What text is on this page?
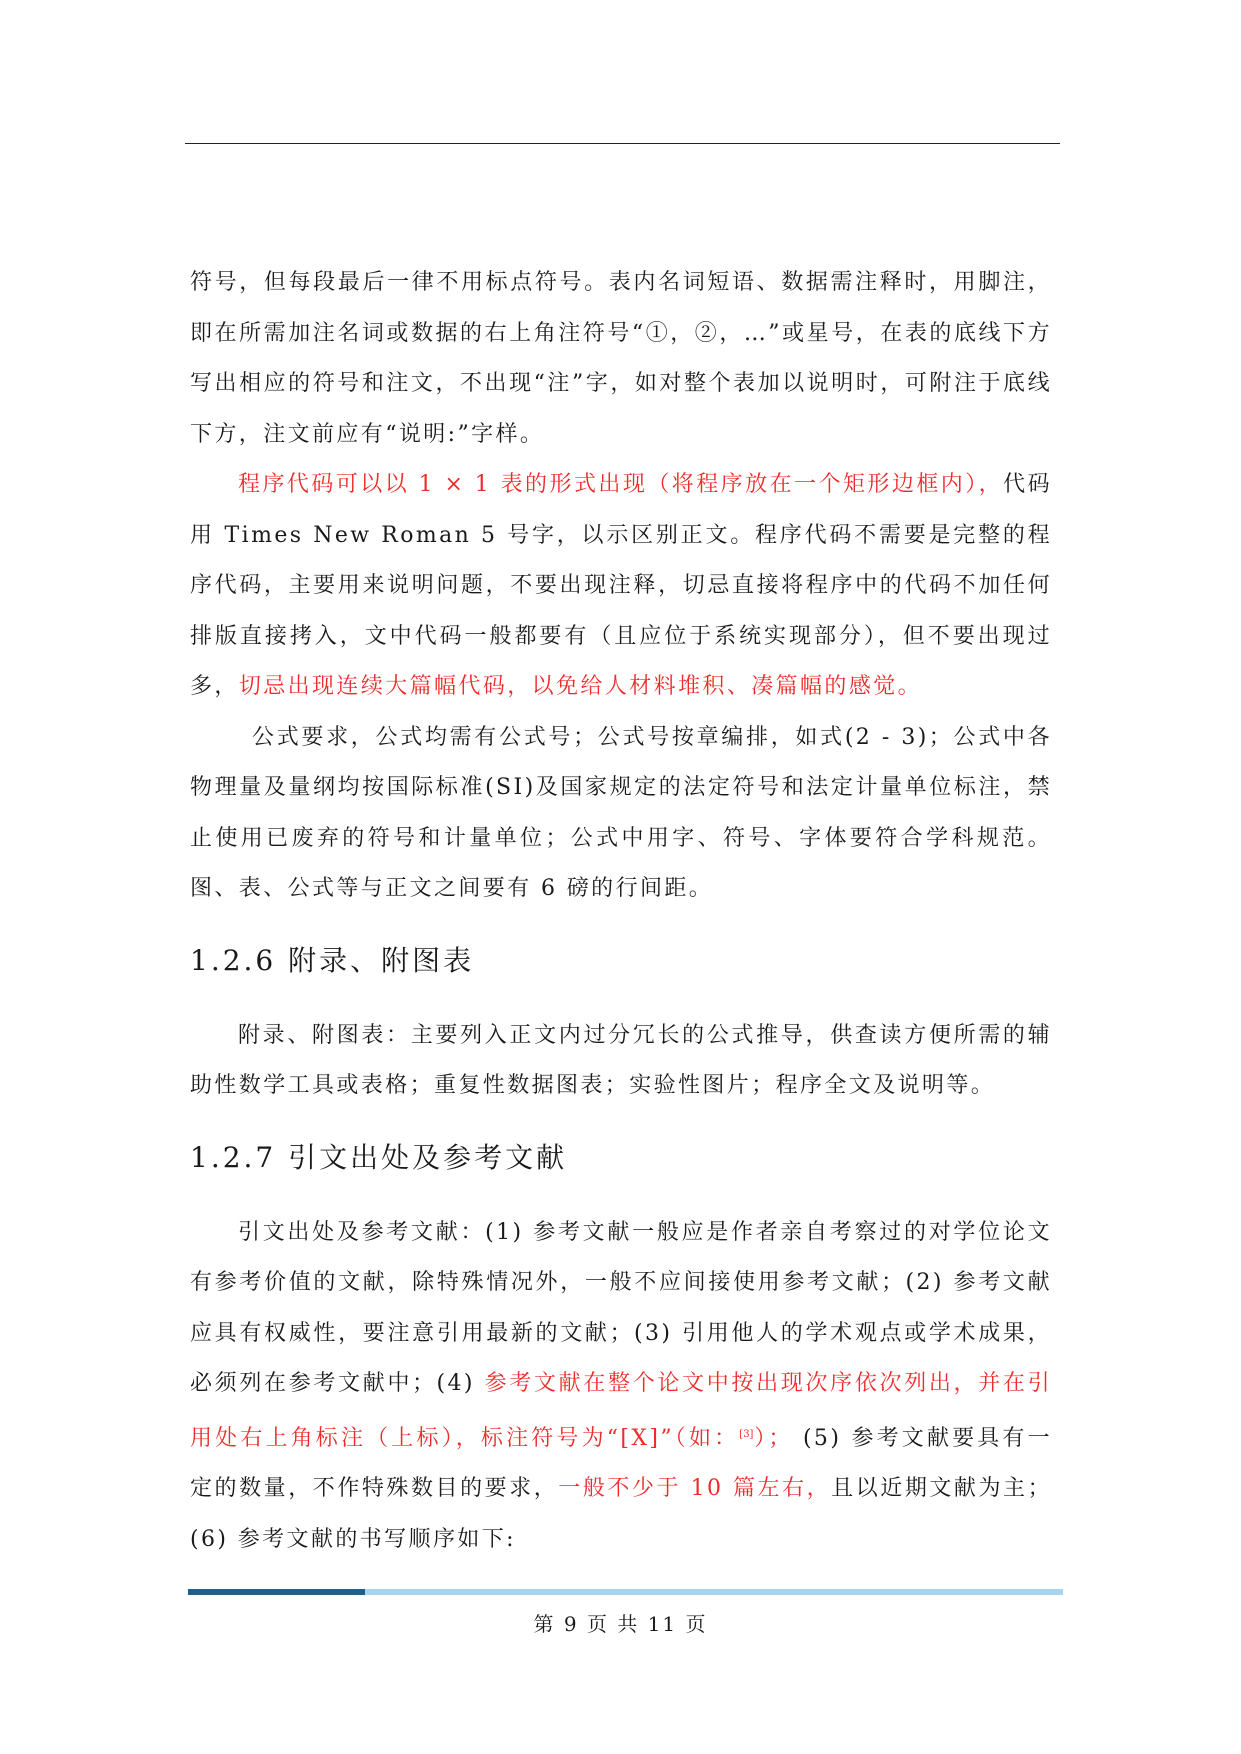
符号，但每段最后一律不用标点符号。表内名词短语、数据需注释时，用脚注，即在所需加注名词或数据的右上角注符号“①，②，…”或星号，在表的底线下方写出相应的符号和注文，不出现“注”字，如对整个表加以说明时，可附注于底线下方，注文前应有“说明:”字样。

程序代码可以以 1 × 1 表的形式出现（将程序放在一个矩形边框内），代码用 Times New Roman 5 号字，以示区别正文。程序代码不需要是完整的程序代码，主要用来说明问题，不要出现注释，切忌直接将程序中的代码不加任何排版直接拷入，文中代码一般都要有（且应位于系统实现部分），但不要出现过多，切忌出现连续大篇幅代码，以免给人材料堆积、凑篇幅的感觉。

公式要求，公式均需有公式号；公式号按章编排，如式(2 - 3)；公式中各物理量及量纲均按国际标准(SI)及国家规定的法定符号和法定计量单位标注，禁止使用已废弃的符号和计量单位；公式中用字、符号、字体要符合学科规范。图、表、公式等与正文之间要有 6 磅的行间距。

1.2.6 附录、附图表

附录、附图表：主要列入正文内过分冗长的公式推导，供查读方便所需的辅助性数学工具或表格；重复性数据图表；实验性图片；程序全文及说明等。

1.2.7 引文出处及参考文献

引文出处及参考文献：(1) 参考文献一般应是作者亲自考察过的对学位论文有参考价值的文献，除特殊情况外，一般不应间接使用参考文献；(2) 参考文献应具有权威性，要注意引用最新的文献；(3) 引用他人的学术观点或学术成果，必须列在参考文献中；(4) 参考文献在整个论文中按出现次序依次列出，并在引用处右上角标注（上标），标注符号为“[X]”（如：[3]）； (5) 参考文献要具有一定的数量，不作特殊数目的要求，一般不少于 10 篇左右，且以近期文献为主；(6) 参考文献的书写顺序如下:

第 9 页 共 11 页
